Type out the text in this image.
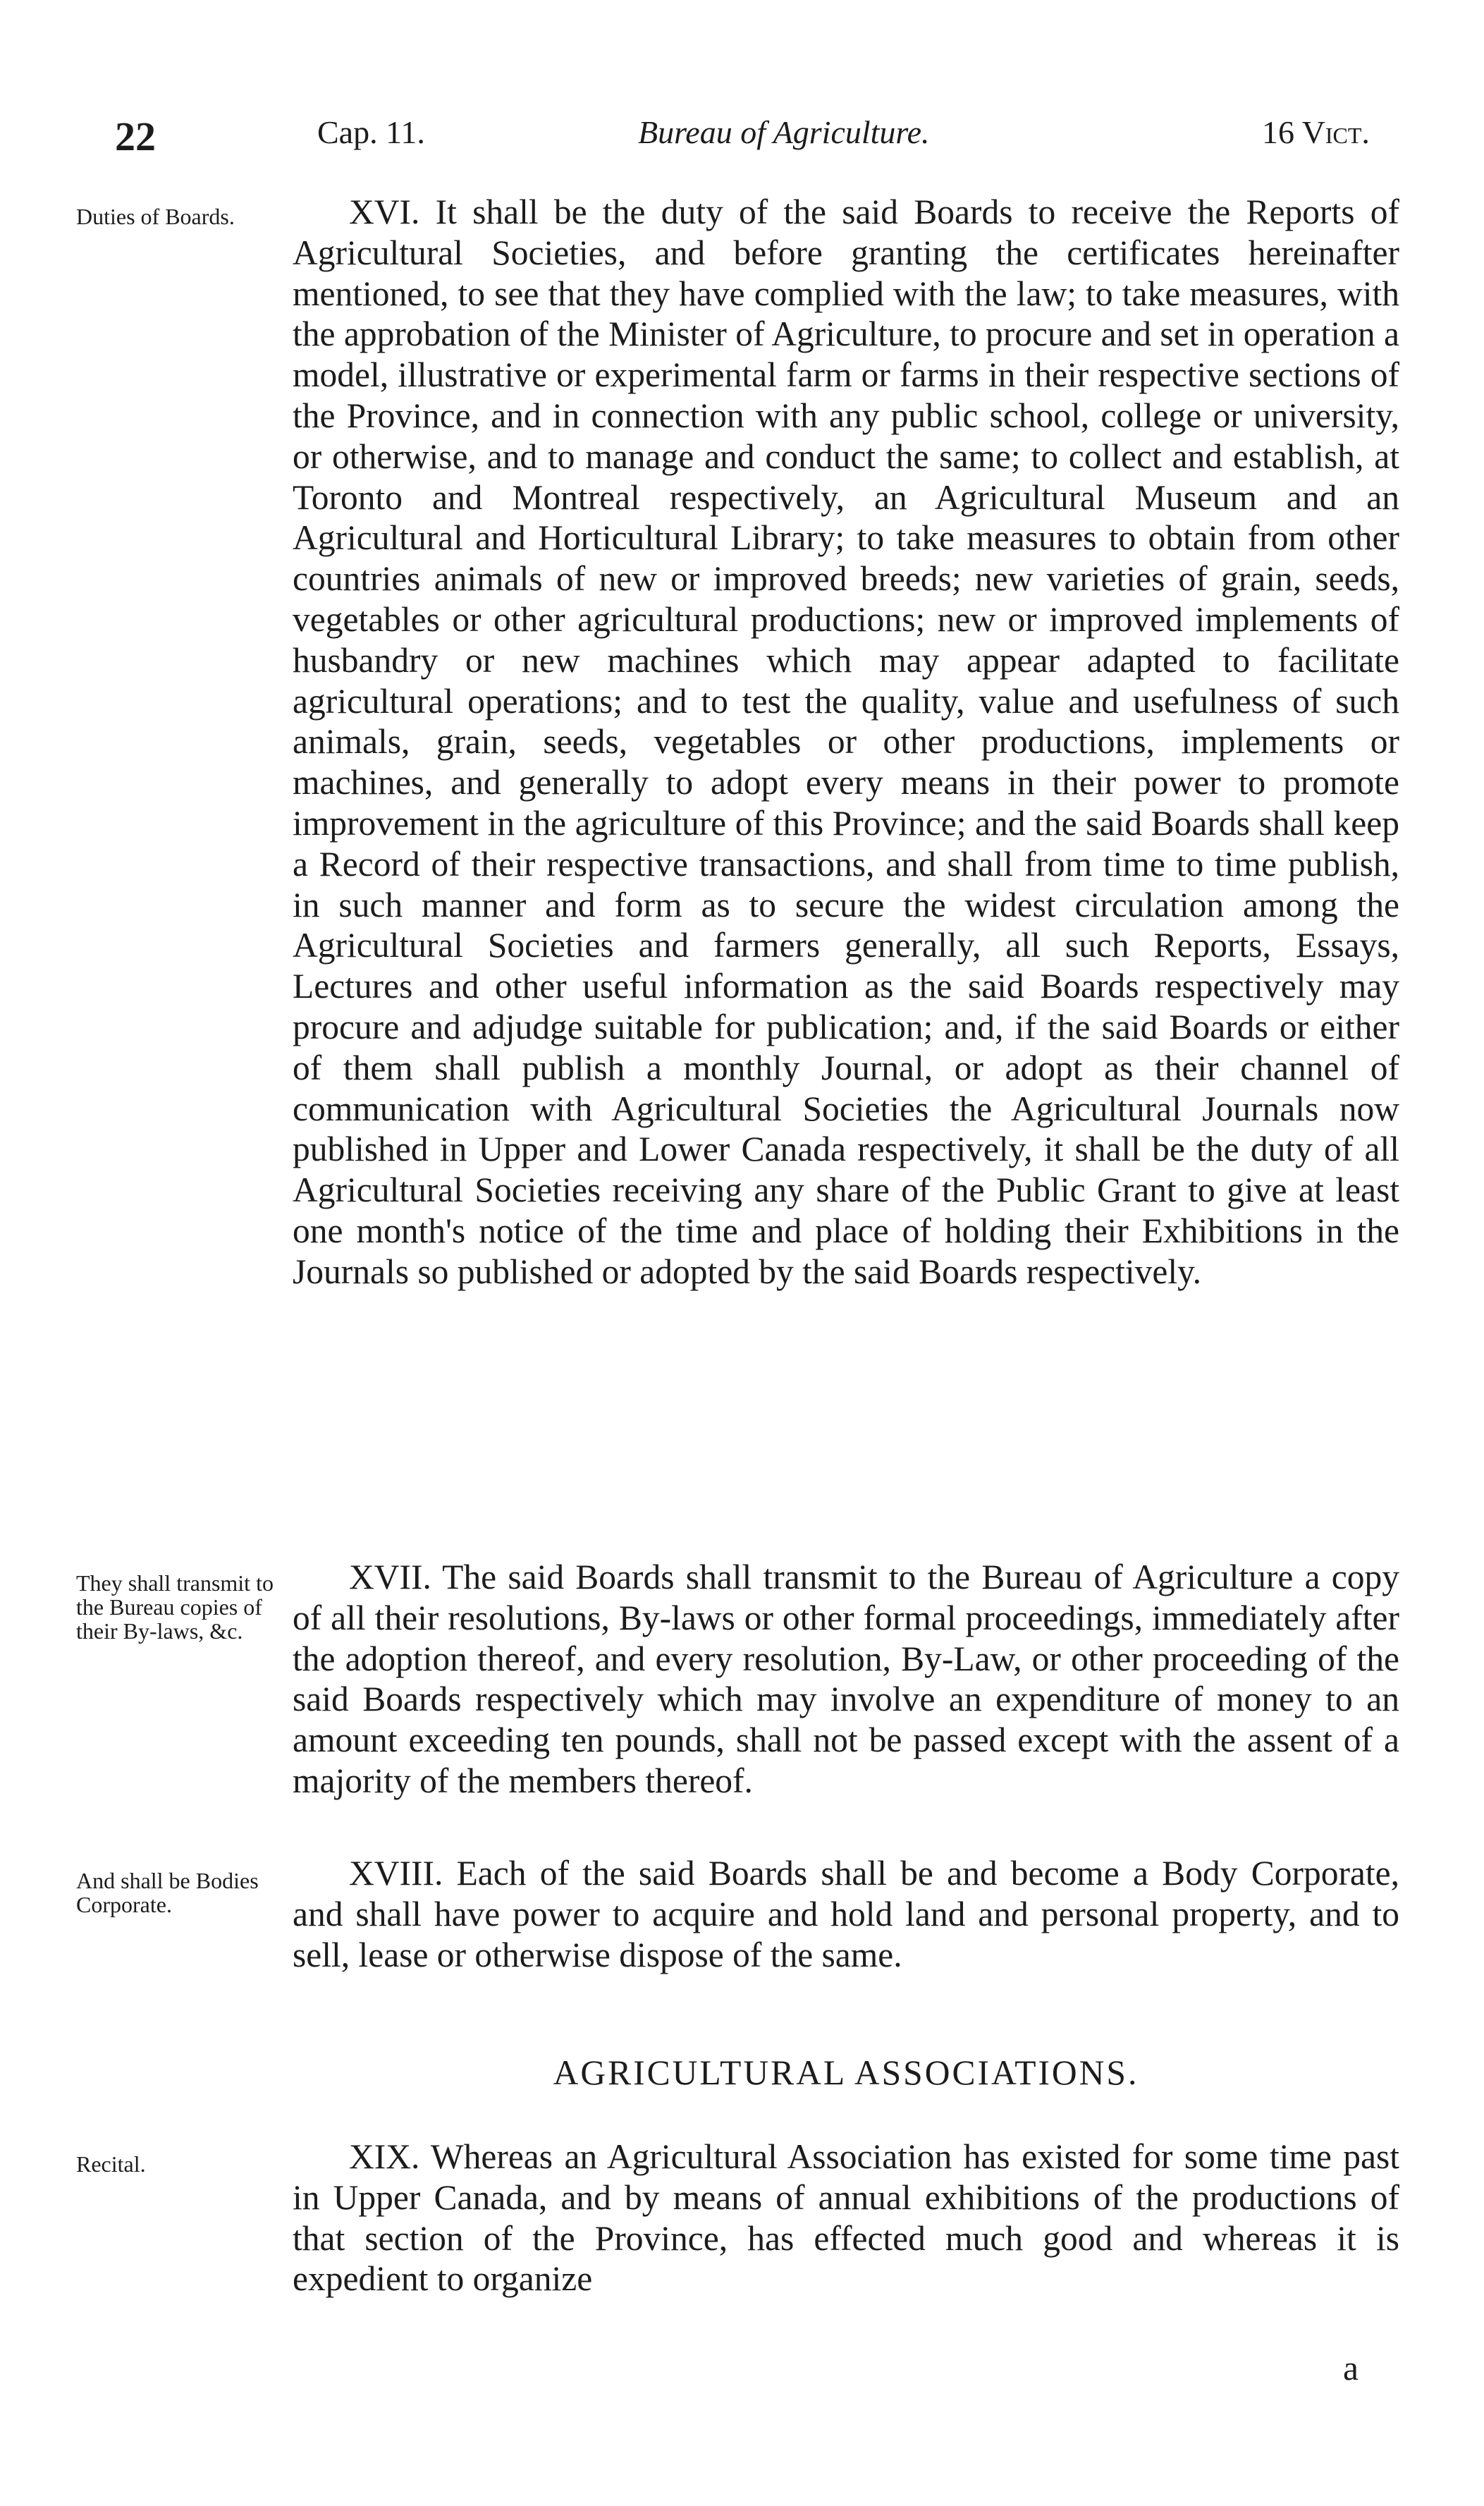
22	Cap. 11.	Bureau of Agriculture.	16 Vict.
Duties of Boards.	XVI. It shall be the duty of the said Boards to receive the Reports of Agricultural Societies, and before granting the certificates hereinafter mentioned, to see that they have complied with the law; to take measures, with the approbation of the Minister of Agriculture, to procure and set in operation a model, illustrative or experimental farm or farms in their respective sections of the Province, and in connection with any public school, college or university, or otherwise, and to manage and conduct the same; to collect and establish, at Toronto and Montreal respectively, an Agricultural Museum and an Agricultural and Horticultural Library; to take measures to obtain from other countries animals of new or improved breeds; new varieties of grain, seeds, vegetables or other agricultural productions; new or improved implements of husbandry or new machines which may appear adapted to facilitate agricultural operations; and to test the quality, value and usefulness of such animals, grain, seeds, vegetables or other productions, implements or machines, and generally to adopt every means in their power to promote improvement in the agriculture of this Province; and the said Boards shall keep a Record of their respective transactions, and shall from time to time publish, in such manner and form as to secure the widest circulation among the Agricultural Societies and farmers generally, all such Reports, Essays, Lectures and other useful information as the said Boards respectively may procure and adjudge suitable for publication; and, if the said Boards or either of them shall publish a monthly Journal, or adopt as their channel of communication with Agricultural Societies the Agricultural Journals now published in Upper and Lower Canada respectively, it shall be the duty of all Agricultural Societies receiving any share of the Public Grant to give at least one month's notice of the time and place of holding their Exhibitions in the Journals so published or adopted by the said Boards respectively.
They shall transmit to the Bureau copies of their By-laws, &c.
XVII. The said Boards shall transmit to the Bureau of Agriculture a copy of all their resolutions, By-laws or other formal proceedings, immediately after the adoption thereof, and every resolution, By-Law, or other proceeding of the said Boards respectively which may involve an expenditure of money to an amount exceeding ten pounds, shall not be passed except with the assent of a majority of the members thereof.
And shall be Bodies Corporate.
XVIII. Each of the said Boards shall be and become a Body Corporate, and shall have power to acquire and hold land and personal property, and to sell, lease or otherwise dispose of the same.
AGRICULTURAL ASSOCIATIONS.
Recital.	XIX. Whereas an Agricultural Association has existed for some time past in Upper Canada, and by means of annual exhibitions of the productions of that section of the Province, has effected much good and whereas it is expedient to organize
a
